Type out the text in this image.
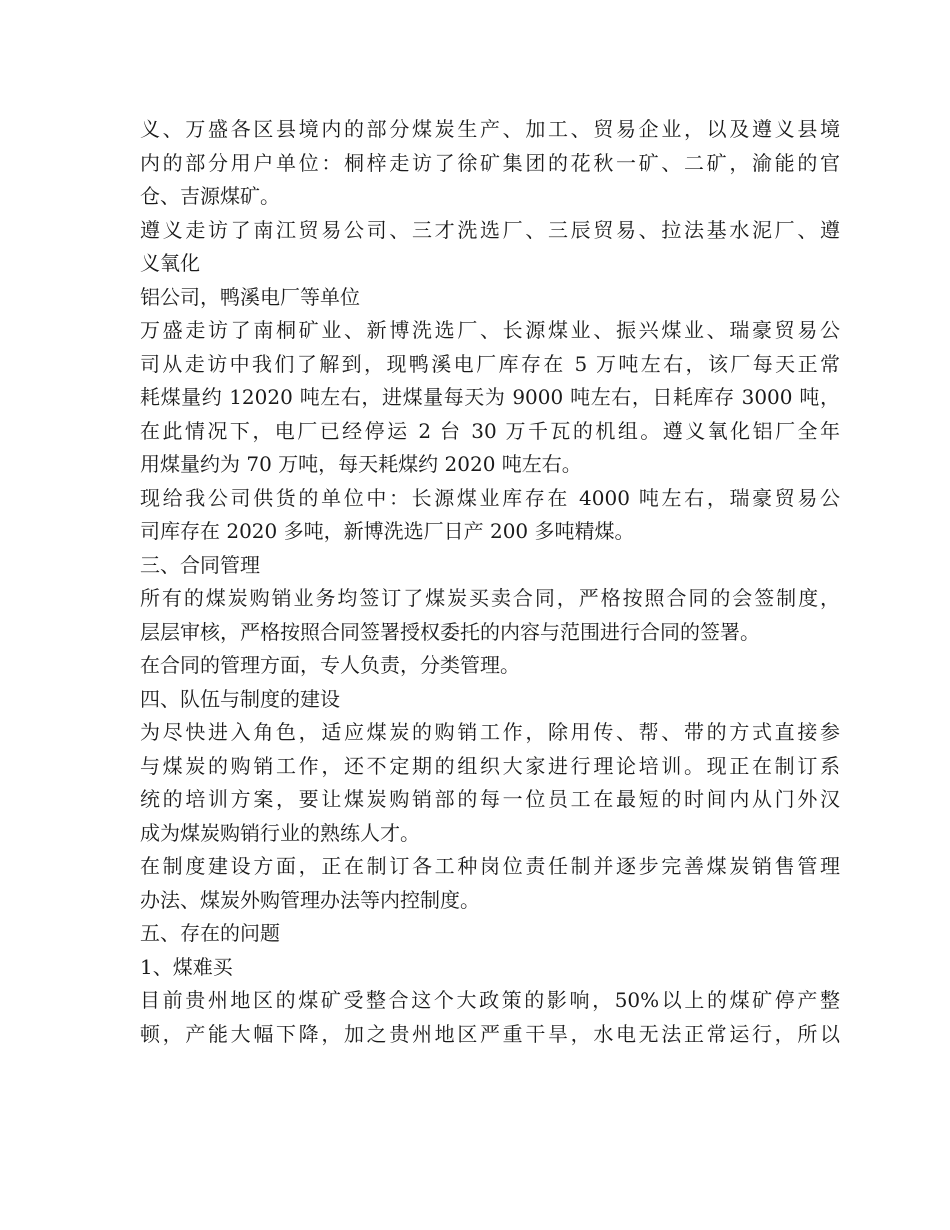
义、万盛各区县境内的部分煤炭生产、加工、贸易企业，以及遵义县境
内的部分用户单位：桐梓走访了徐矿集团的花秋一矿、二矿，渝能的官
仓、吉源煤矿。
遵义走访了南江贸易公司、三才洗选厂、三辰贸易、拉法基水泥厂、遵
义氧化
铝公司，鸭溪电厂等单位
万盛走访了南桐矿业、新博洗选厂、长源煤业、振兴煤业、瑞豪贸易公
司从走访中我们了解到，现鸭溪电厂库存在 5 万吨左右，该厂每天正常
耗煤量约 12020 吨左右，进煤量每天为 9000 吨左右，日耗库存 3000 吨，
在此情况下，电厂已经停运 2 台 30 万千瓦的机组。遵义氧化铝厂全年
用煤量约为 70 万吨，每天耗煤约 2020 吨左右。
现给我公司供货的单位中：长源煤业库存在 4000 吨左右，瑞豪贸易公
司库存在 2020 多吨，新博洗选厂日产 200 多吨精煤。
三、合同管理
所有的煤炭购销业务均签订了煤炭买卖合同，严格按照合同的会签制度，
层层审核，严格按照合同签署授权委托的内容与范围进行合同的签署。
在合同的管理方面，专人负责，分类管理。
四、队伍与制度的建设
为尽快进入角色，适应煤炭的购销工作，除用传、帮、带的方式直接参
与煤炭的购销工作，还不定期的组织大家进行理论培训。现正在制订系
统的培训方案，要让煤炭购销部的每一位员工在最短的时间内从门外汉
成为煤炭购销行业的熟练人才。
在制度建设方面，正在制订各工种岗位责任制并逐步完善煤炭销售管理
办法、煤炭外购管理办法等内控制度。
五、存在的问题
1、煤难买
目前贵州地区的煤矿受整合这个大政策的影响，50%以上的煤矿停产整
顿，产能大幅下降，加之贵州地区严重干旱，水电无法正常运行，所以
